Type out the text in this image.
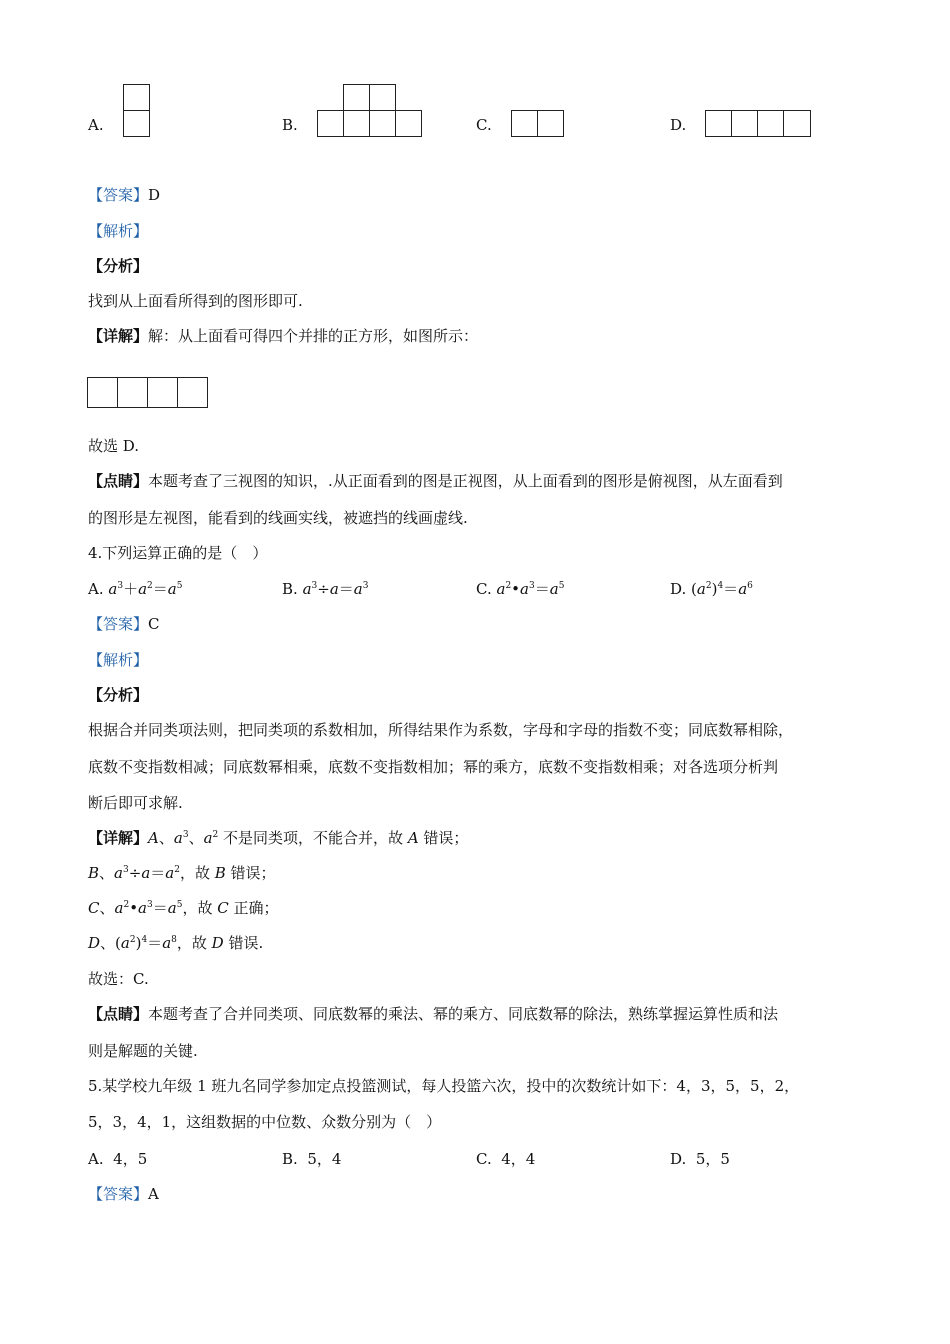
A.	B.	C.	D.
【答案】D
【解析】
【分析】
找到从上面看所得到的图形即可.
【详解】解：从上面看可得四个并排的正方形，如图所示：
故选 D.
【点睛】本题考查了三视图的知识，.从正面看到的图是正视图，从上面看到的图形是俯视图，从左面看到
的图形是左视图，能看到的线画实线，被遮挡的线画虚线.
4.下列运算正确的是（　）
A. $a^3+a^2=a^5$	B. $a^3\div a=a^3$	C. $a^2•a^3=a^5$	D. $(a^2)^4=a^6$
【答案】C
【解析】
【分析】
根据合并同类项法则，把同类项的系数相加，所得结果作为系数，字母和字母的指数不变；同底数幂相除，
底数不变指数相减；同底数幂相乘，底数不变指数相加；幂的乘方，底数不变指数相乘；对各选项分析判
断后即可求解.
【详解】A、$a^3$、$a^2$ 不是同类项，不能合并，故 A 错误；
B、$a^3\div a=a^2$，故 B 错误；
C、$a^2•a^3=a^5$，故 C 正确；
D、$(a^2)^4=a^8$，故 D 错误.
故选：C.
【点睛】本题考查了合并同类项、同底数幂的乘法、幂的乘方、同底数幂的除法，熟练掌握运算性质和法
则是解题的关键.
5.某学校九年级 1 班九名同学参加定点投篮测试，每人投篮六次，投中的次数统计如下：4，3，5，5，2，
5，3，4，1，这组数据的中位数、众数分别为（　）
A. 4，5	B. 5，4	C. 4，4	D. 5，5
【答案】A
